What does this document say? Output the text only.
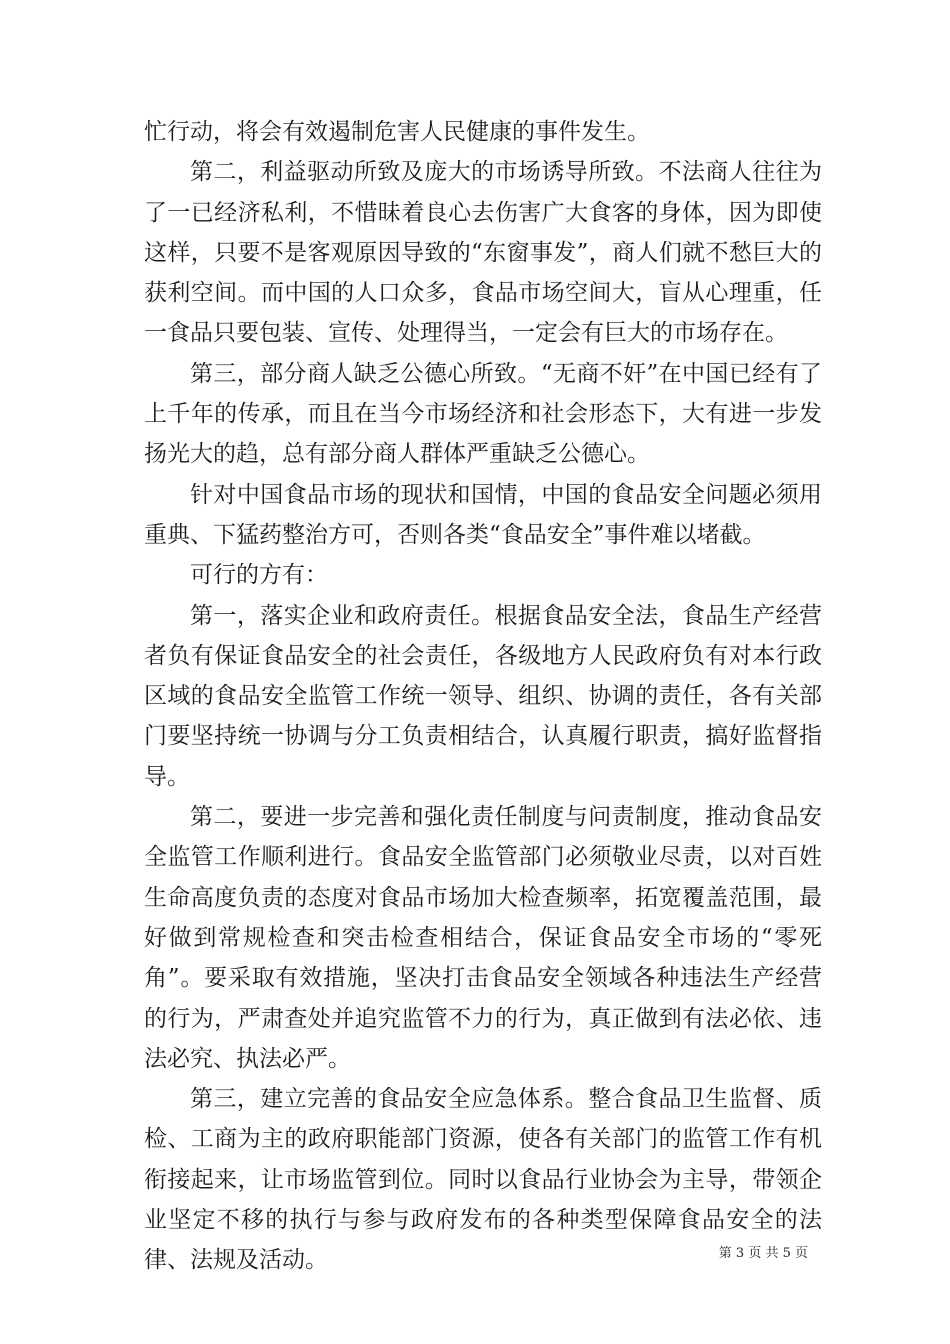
忙行动，将会有效遏制危害人民健康的事件发生。

第二，利益驱动所致及庞大的市场诱导所致。不法商人往往为了一已经济私利，不惜昧着良心去伤害广大食客的身体，因为即使这样，只要不是客观原因导致的“东窗事发”，商人们就不愁巨大的获利空间。而中国的人口众多，食品市场空间大，盲从心理重，任一食品只要包装、宣传、处理得当，一定会有巨大的市场存在。

第三，部分商人缺乏公德心所致。“无商不奸”在中国已经有了上千年的传承，而且在当今市场经济和社会形态下，大有进一步发扬光大的趋，总有部分商人群体严重缺乏公德心。

针对中国食品市场的现状和国情，中国的食品安全问题必须用重典、下猛药整治方可，否则各类“食品安全”事件难以堵截。

可行的方有：

第一，落实企业和政府责任。根据食品安全法，食品生产经营者负有保证食品安全的社会责任，各级地方人民政府负有对本行政区域的食品安全监管工作统一领导、组织、协调的责任，各有关部门要坚持统一协调与分工负责相结合，认真履行职责，搞好监督指导。

第二，要进一步完善和强化责任制度与问责制度，推动食品安全监管工作顺利进行。食品安全监管部门必须敬业尽责，以对百姓生命高度负责的态度对食品市场加大检查频率，拓宽覆盖范围，最好做到常规检查和突击检查相结合，保证食品安全市场的“零死角”。要采取有效措施，坚决打击食品安全领域各种违法生产经营的行为，严肃查处并追究监管不力的行为，真正做到有法必依、违法必究、执法必严。

第三，建立完善的食品安全应急体系。整合食品卫生监督、质检、工商为主的政府职能部门资源，使各有关部门的监管工作有机衔接起来，让市场监管到位。同时以食品行业协会为主导，带领企业坚定不移的执行与参与政府发布的各种类型保障食品安全的法律、法规及活动。	第 3 页 共 5 页
